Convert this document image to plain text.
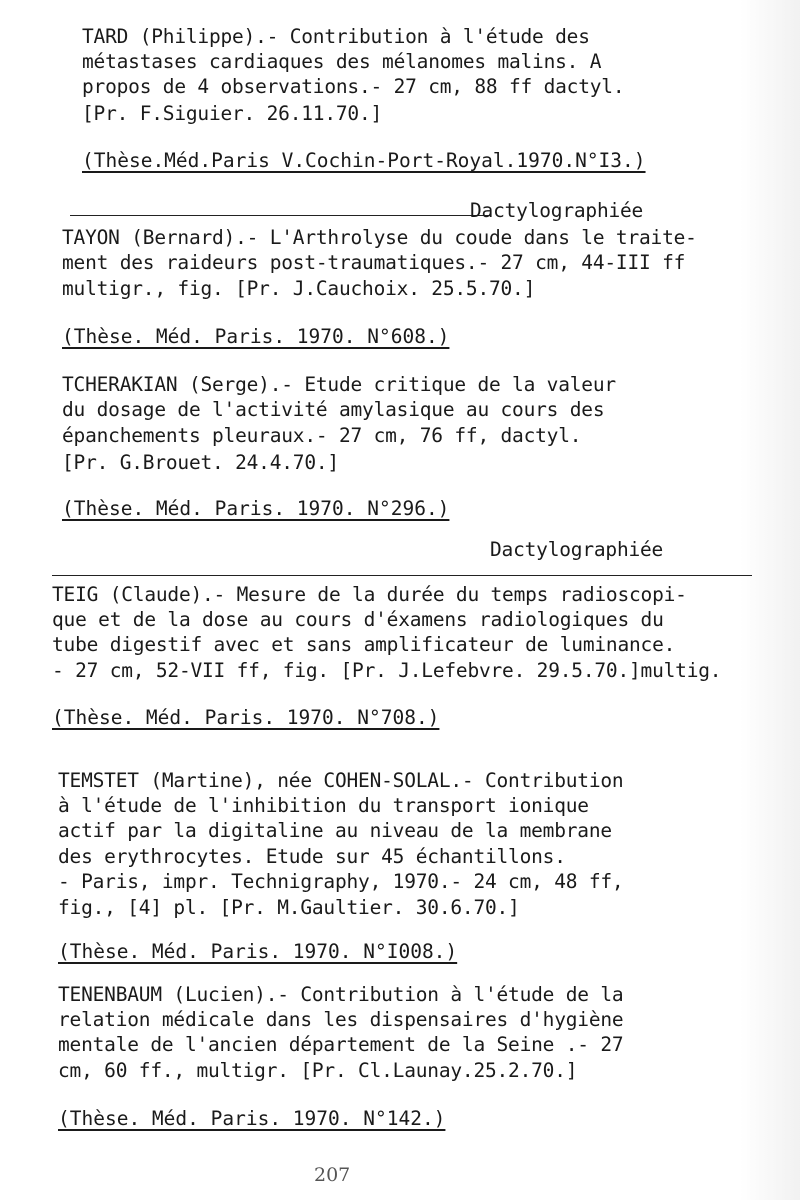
TARD (Philippe).- Contribution à l'étude des
métastases cardiaques des mélanomes malins. A
propos de 4 observations.- 27 cm, 88 ff dactyl.
[Pr. F.Siguier. 26.11.70.]
(Thèse.Méd.Paris V.Cochin-Port-Royal.1970.N°I3.)
Dactylographiée
TAYON (Bernard).- L'Arthrolyse du coude dans le traite-
ment des raideurs post-traumatiques.- 27 cm, 44-III ff
multigr., fig. [Pr. J.Cauchoix. 25.5.70.]
(Thèse. Méd. Paris. 1970. N°608.)
TCHERAKIAN (Serge).- Etude critique de la valeur
du dosage de l'activité amylasique au cours des
épanchements pleuraux.- 27 cm, 76 ff, dactyl.
[Pr. G.Brouet. 24.4.70.]
(Thèse. Méd. Paris. 1970. N°296.)
Dactylographiée
TEIG (Claude).- Mesure de la durée du temps radioscopi-
que et de la dose au cours d'éxamens radiologiques du
tube digestif avec et sans amplificateur de luminance.
- 27 cm, 52-VII ff, fig. [Pr. J.Lefebvre. 29.5.70.]multig.
(Thèse. Méd. Paris. 1970. N°708.)
TEMSTET (Martine), née COHEN-SOLAL.- Contribution
à l'étude de l'inhibition du transport ionique
actif par la digitaline au niveau de la membrane
des erythrocytes. Etude sur 45 échantillons.
- Paris, impr. Technigraphy, 1970.- 24 cm, 48 ff,
fig., [4] pl. [Pr. M.Gaultier. 30.6.70.]
(Thèse. Méd. Paris. 1970. N°I008.)
TENENBAUM (Lucien).- Contribution à l'étude de la
relation médicale dans les dispensaires d'hygiène
mentale de l'ancien département de la Seine .- 27
cm, 60 ff., multigr. [Pr. Cl.Launay.25.2.70.]
(Thèse. Méd. Paris. 1970. N°142.)
207
